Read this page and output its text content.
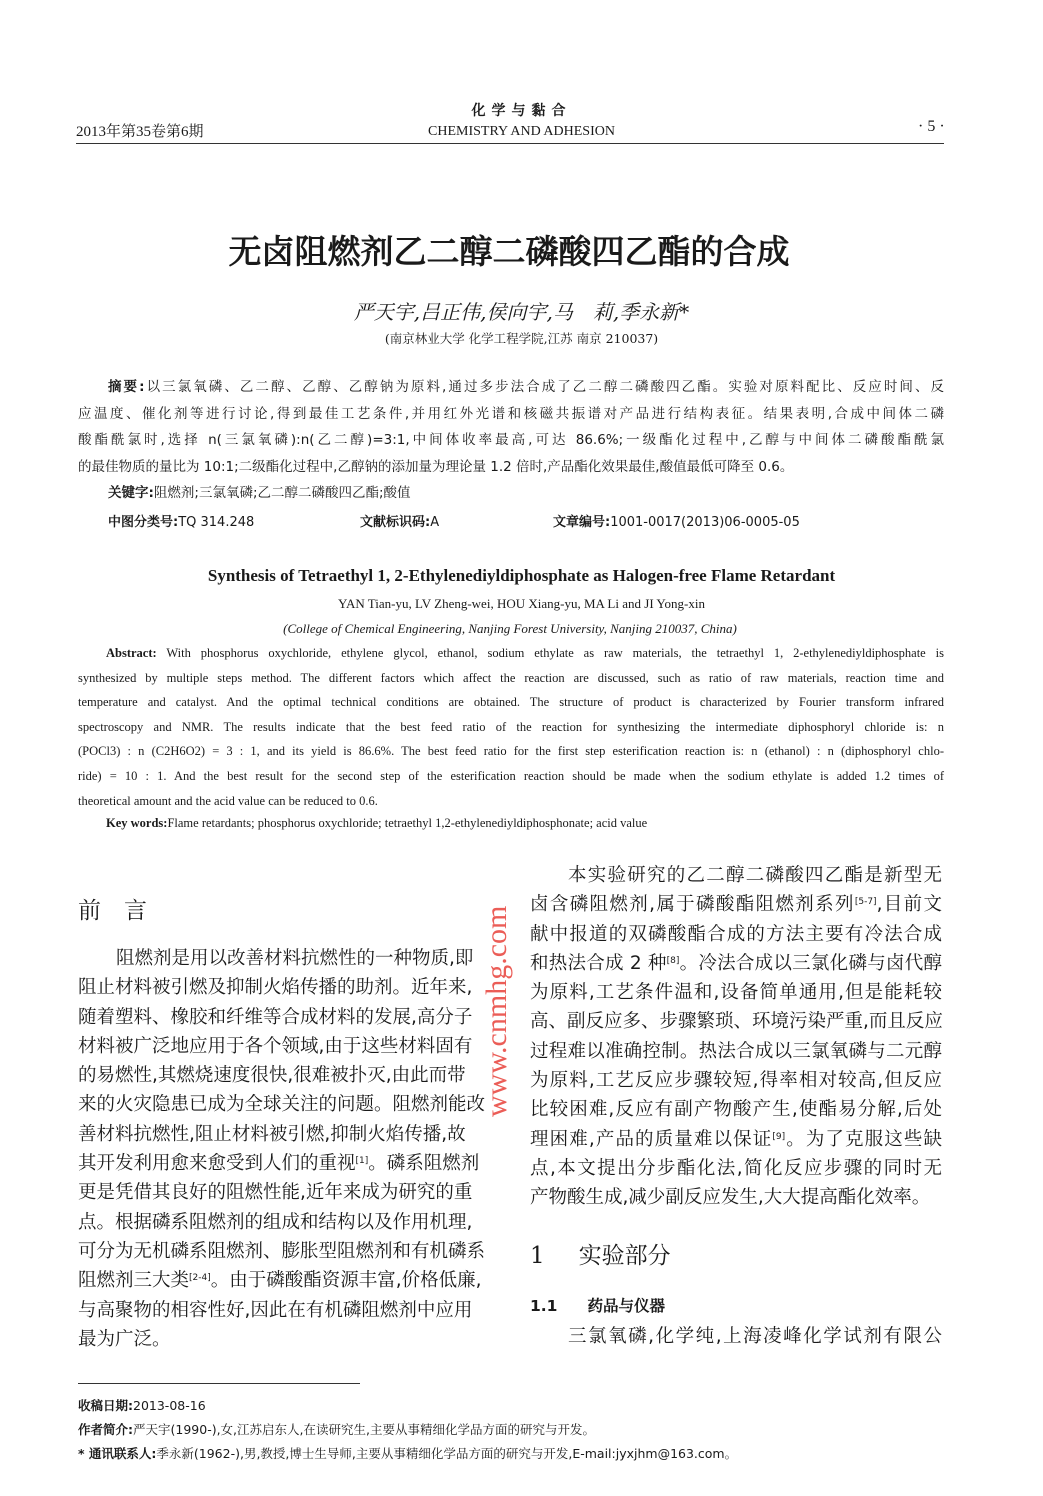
2013年第35卷第6期
化学与黏合
CHEMISTRY AND ADHESION	· 5 ·
无卤阻燃剂乙二醇二磷酸四乙酯的合成
严天宇,吕正伟,侯向宇,马　莉,季永新*
(南京林业大学 化学工程学院,江苏 南京 210037)
摘要:以三氯氧磷、乙二醇、乙醇、乙醇钠为原料,通过多步法合成了乙二醇二磷酸四乙酯。实验对原料配比、反应时间、反
应温度、催化剂等进行讨论,得到最佳工艺条件,并用红外光谱和核磁共振谱对产品进行结构表征。结果表明,合成中间体二磷
酸酯酰氯时,选择 n(三氯氧磷):n(乙二醇)=3:1,中间体收率最高,可达 86.6%;一级酯化过程中,乙醇与中间体二磷酸酯酰氯
的最佳物质的量比为 10:1;二级酯化过程中,乙醇钠的添加量为理论量 1.2 倍时,产品酯化效果最佳,酸值最低可降至 0.6。
关键字:阻燃剂;三氯氧磷;乙二醇二磷酸四乙酯;酸值
中图分类号:TQ 314.248	文献标识码:A	文章编号:1001-0017(2013)06-0005-05
Synthesis of Tetraethyl 1, 2-Ethylenediyldiphosphate as Halogen-free Flame Retardant
YAN Tian-yu, LV Zheng-wei, HOU Xiang-yu, MA Li and JI Yong-xin
(College of Chemical Engineering, Nanjing Forest University, Nanjing 210037, China)
Abstract: With phosphorus oxychloride, ethylene glycol, ethanol, sodium ethylate as raw materials, the tetraethyl 1, 2-ethylenediyldiphosphate is
synthesized by multiple steps method. The different factors which affect the reaction are discussed, such as ratio of raw materials, reaction time and
temperature and catalyst. And the optimal technical conditions are obtained. The structure of product is characterized by Fourier transform infrared
spectroscopy and NMR. The results indicate that the best feed ratio of the reaction for synthesizing the intermediate diphosphoryl chloride is: n
(POCl3) : n (C2H6O2) = 3 : 1, and its yield is 86.6%. The best feed ratio for the first step esterification reaction is: n (ethanol) : n (diphosphoryl chlo-
ride) = 10 : 1. And the best result for the second step of the esterification reaction should be made when the sodium ethylate is added 1.2 times of
theoretical amount and the acid value can be reduced to 0.6.
Key words:Flame retardants; phosphorus oxychloride; tetraethyl 1,2-ethylenediyldiphosphonate; acid value
前　言
阻燃剂是用以改善材料抗燃性的一种物质,即
阻止材料被引燃及抑制火焰传播的助剂。近年来,
随着塑料、橡胶和纤维等合成材料的发展,高分子
材料被广泛地应用于各个领域,由于这些材料固有
的易燃性,其燃烧速度很快,很难被扑灭,由此而带
来的火灾隐患已成为全球关注的问题。阻燃剂能改
善材料抗燃性,阻止材料被引燃,抑制火焰传播,故
其开发利用愈来愈受到人们的重视[1]。磷系阻燃剂
更是凭借其良好的阻燃性能,近年来成为研究的重
点。根据磷系阻燃剂的组成和结构以及作用机理,
可分为无机磷系阻燃剂、膨胀型阻燃剂和有机磷系
阻燃剂三大类[2-4]。由于磷酸酯资源丰富,价格低廉,
与高聚物的相容性好,因此在有机磷阻燃剂中应用
最为广泛。
本实验研究的乙二醇二磷酸四乙酯是新型无
卤含磷阻燃剂,属于磷酸酯阻燃剂系列[5-7],目前文
献中报道的双磷酸酯合成的方法主要有冷法合成
和热法合成 2 种[8]。冷法合成以三氯化磷与卤代醇
为原料,工艺条件温和,设备简单通用,但是能耗较
高、副反应多、步骤繁琐、环境污染严重,而且反应
过程难以准确控制。热法合成以三氯氧磷与二元醇
为原料,工艺反应步骤较短,得率相对较高,但反应
比较困难,反应有副产物酸产生,使酯易分解,后处
理困难,产品的质量难以保证[9]。为了克服这些缺
点,本文提出分步酯化法,简化反应步骤的同时无
产物酸生成,减少副反应发生,大大提高酯化效率。
1 实验部分
1.1 药品与仪器
三氯氧磷,化学纯,上海凌峰化学试剂有限公
收稿日期:2013-08-16
作者简介:严天宇(1990-),女,江苏启东人,在读研究生,主要从事精细化学品方面的研究与开发。
* 通讯联系人:季永新(1962-),男,教授,博士生导师,主要从事精细化学品方面的研究与开发,E-mail:jyxjhm@163.com。
www.cnmhg.com
